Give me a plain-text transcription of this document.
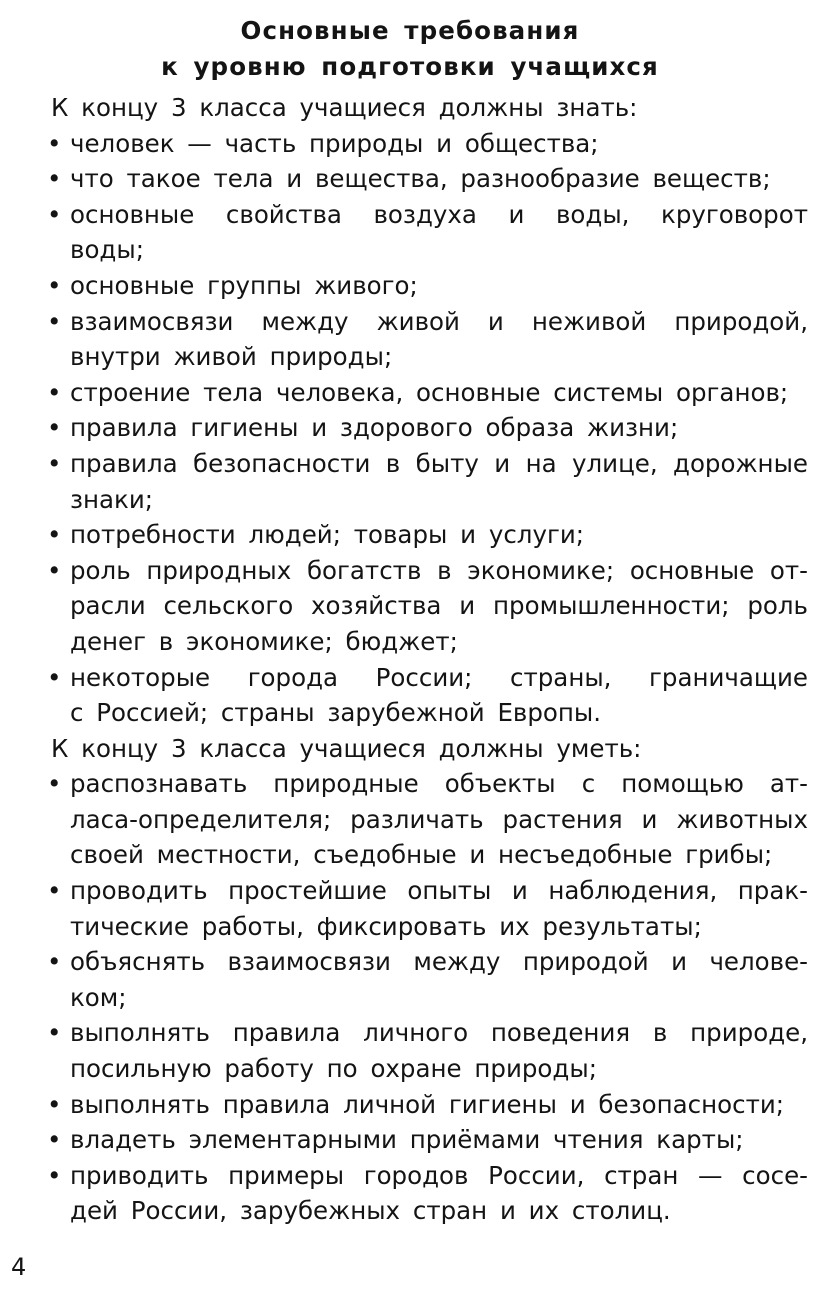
Основные требования
к уровню подготовки учащихся

К концу 3 класса учащиеся должны знать:

• человек — часть природы и общества;
• что такое тела и вещества, разнообразие веществ;
• основные свойства воздуха и воды, круговорот
воды;
• основные группы живого;
• взаимосвязи между живой и неживой природой,
внутри живой природы;
• строение тела человека, основные системы органов;
• правила гигиены и здорового образа жизни;
• правила безопасности в быту и на улице, дорожные
знаки;
• потребности людей; товары и услуги;
• роль природных богатств в экономике; основные от-
расли сельского хозяйства и промышленности; роль
денег в экономике; бюджет;
• некоторые города России; страны, граничащие
с Россией; страны зарубежной Европы.

К концу 3 класса учащиеся должны уметь:

• распознавать природные объекты с помощью ат-
ласа-определителя; различать растения и животных
своей местности, съедобные и несъедобные грибы;
• проводить простейшие опыты и наблюдения, прак-
тические работы, фиксировать их результаты;
• объяснять взаимосвязи между природой и челове-
ком;
• выполнять правила личного поведения в природе,
посильную работу по охране природы;
• выполнять правила личной гигиены и безопасности;
• владеть элементарными приёмами чтения карты;
• приводить примеры городов России, стран — сосе-
дей России, зарубежных стран и их столиц.
4
